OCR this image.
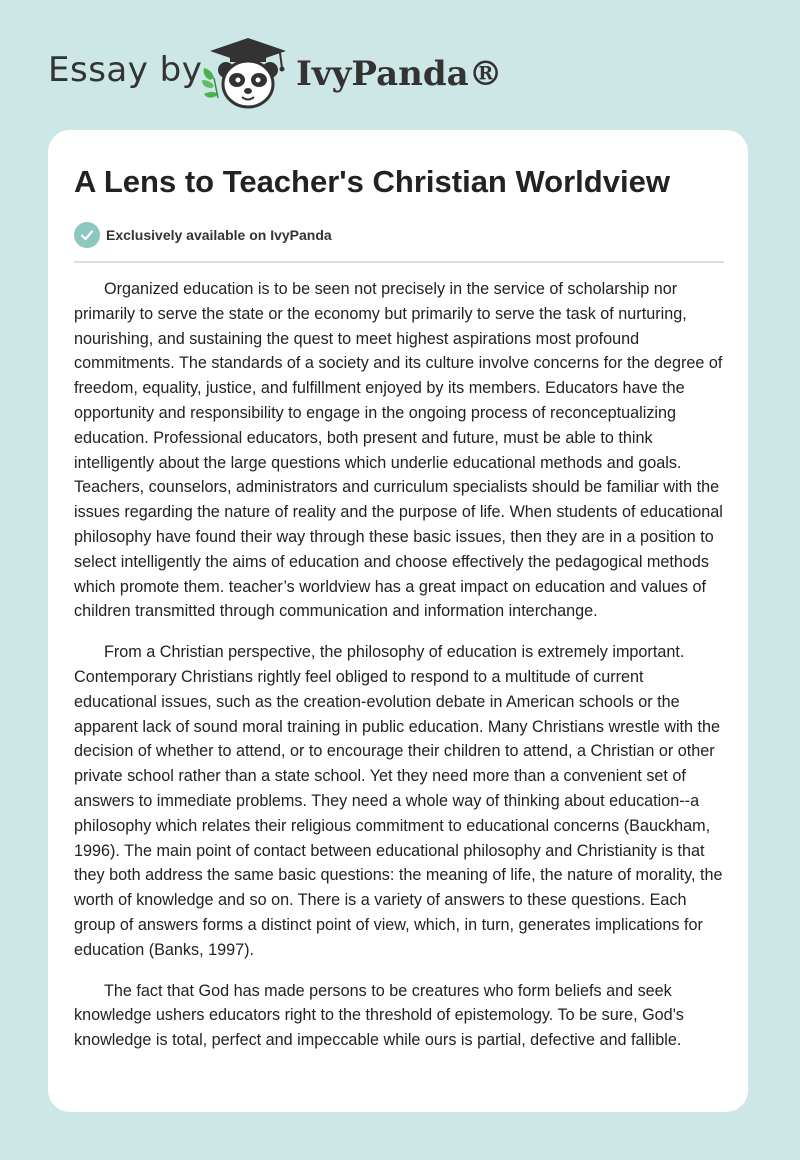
Essay by	IvyPanda®
A Lens to Teacher's Christian Worldview
Exclusively available on IvyPanda

Organized education is to be seen not precisely in the service of scholarship nor primarily to serve the state or the economy but primarily to serve the task of nurturing, nourishing, and sustaining the quest to meet highest aspirations most profound commitments. The standards of a society and its culture involve concerns for the degree of freedom, equality, justice, and fulfillment enjoyed by its members. Educators have the opportunity and responsibility to engage in the ongoing process of reconceptualizing education. Professional educators, both present and future, must be able to think intelligently about the large questions which underlie educational methods and goals. Teachers, counselors, administrators and curriculum specialists should be familiar with the issues regarding the nature of reality and the purpose of life. When students of educational philosophy have found their way through these basic issues, then they are in a position to select intelligently the aims of education and choose effectively the pedagogical methods which promote them. teacher’s worldview has a great impact on education and values of children transmitted through communication and information interchange.

From a Christian perspective, the philosophy of education is extremely important. Contemporary Christians rightly feel obliged to respond to a multitude of current educational issues, such as the creation-evolution debate in American schools or the apparent lack of sound moral training in public education. Many Christians wrestle with the decision of whether to attend, or to encourage their children to attend, a Christian or other private school rather than a state school. Yet they need more than a convenient set of answers to immediate problems. They need a whole way of thinking about education--a philosophy which relates their religious commitment to educational concerns (Bauckham, 1996). The main point of contact between educational philosophy and Christianity is that they both address the same basic questions: the meaning of life, the nature of morality, the worth of knowledge and so on. There is a variety of answers to these questions. Each group of answers forms a distinct point of view, which, in turn, generates implications for education (Banks, 1997).

The fact that God has made persons to be creatures who form beliefs and seek knowledge ushers educators right to the threshold of epistemology. To be sure, God's knowledge is total, perfect and impeccable while ours is partial, defective and fallible.
